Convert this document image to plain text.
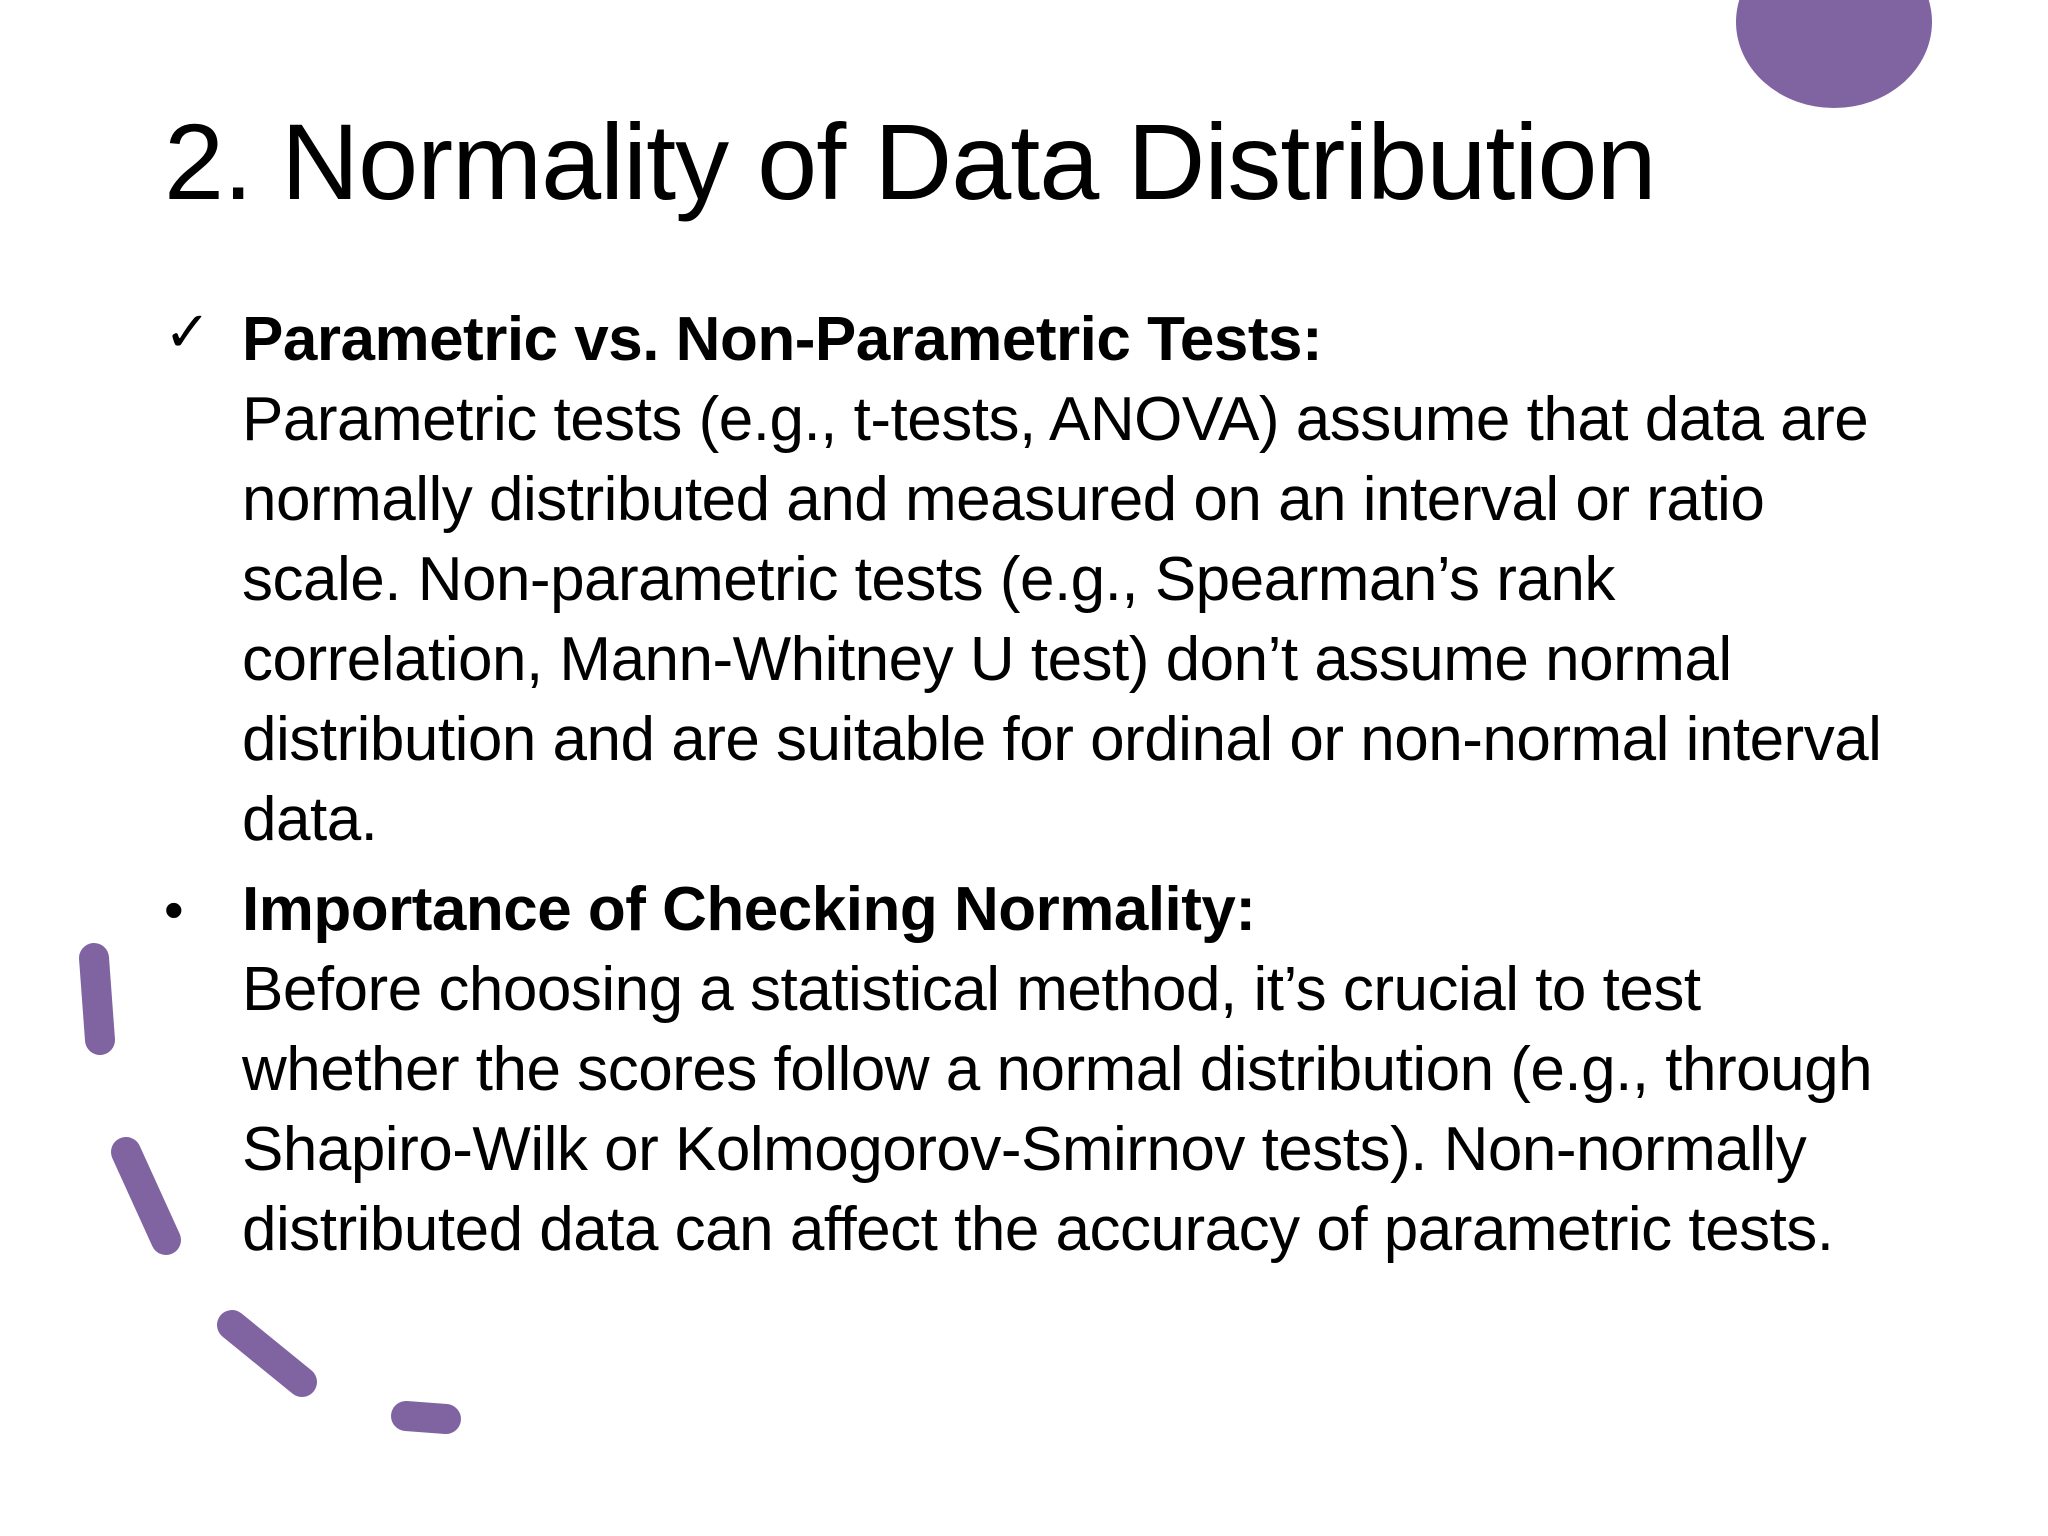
2. Normality of Data Distribution
✓ Parametric vs. Non-Parametric Tests:
Parametric tests (e.g., t-tests, ANOVA) assume that data are normally distributed and measured on an interval or ratio scale. Non-parametric tests (e.g., Spearman’s rank correlation, Mann-Whitney U test) don’t assume normal distribution and are suitable for ordinal or non-normal interval data.
• Importance of Checking Normality:
Before choosing a statistical method, it’s crucial to test whether the scores follow a normal distribution (e.g., through Shapiro-Wilk or Kolmogorov-Smirnov tests). Non-normally distributed data can affect the accuracy of parametric tests.
